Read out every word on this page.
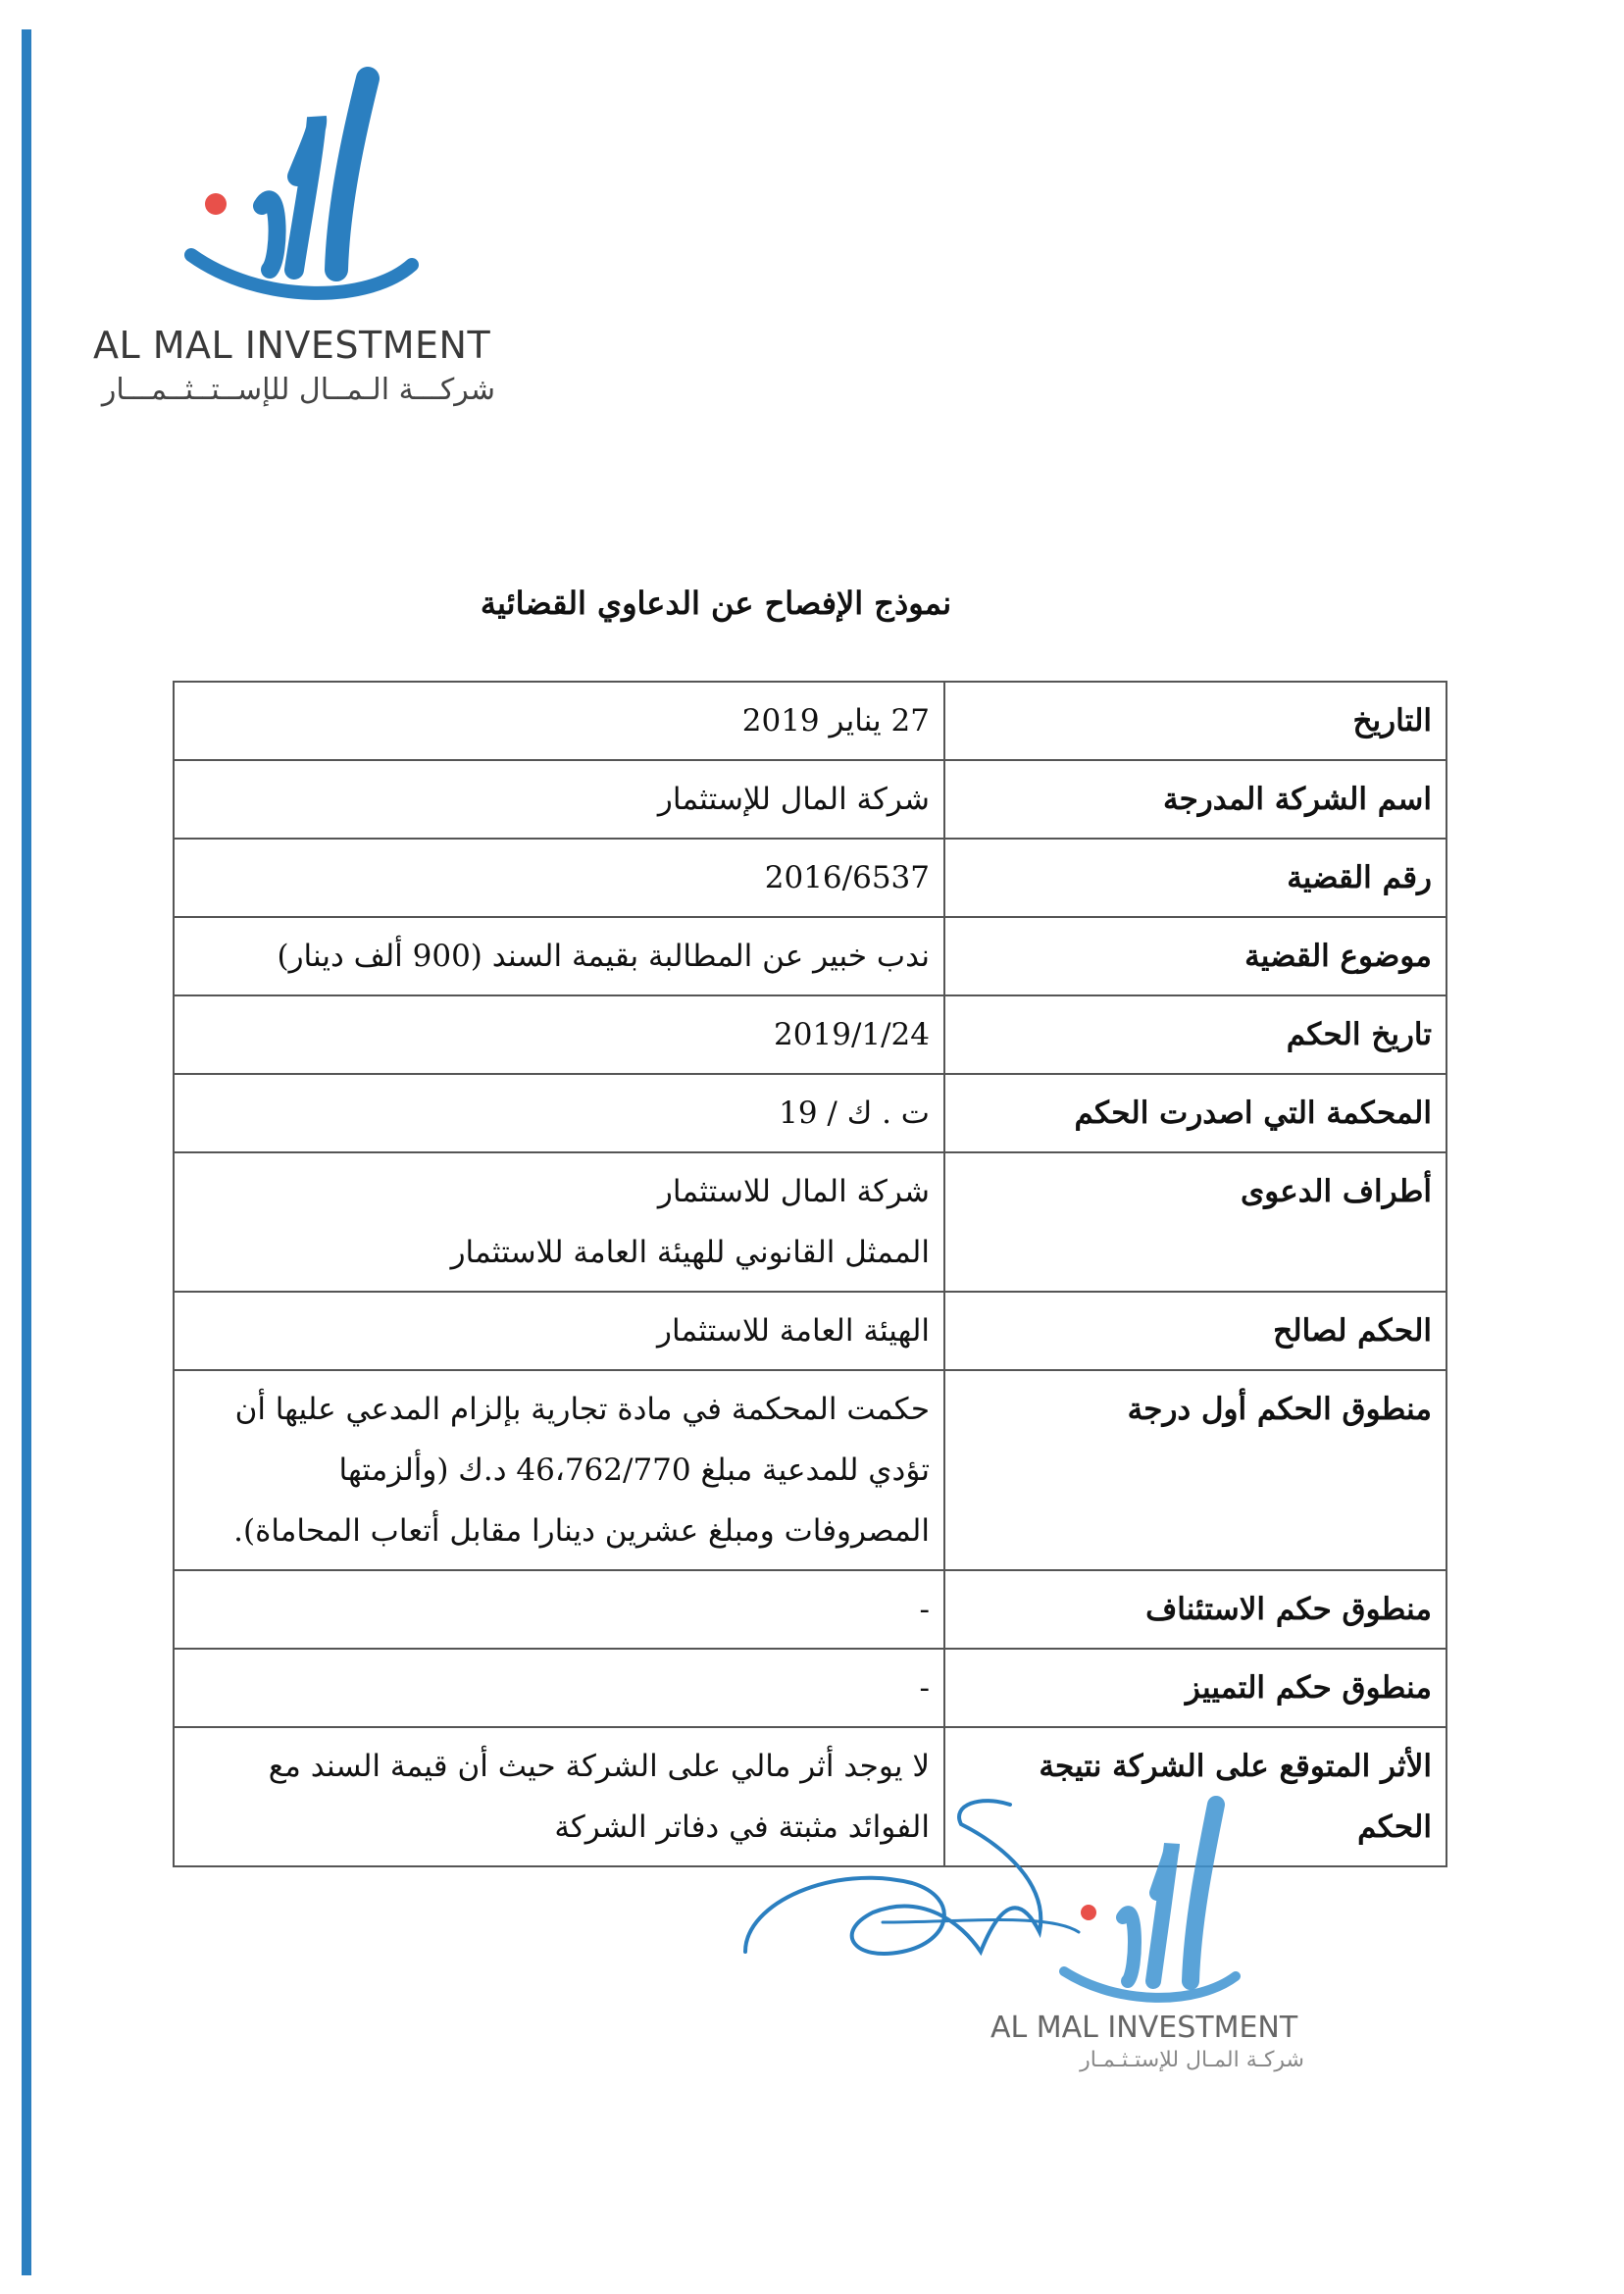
AL MAL INVESTMENT
شركـــة الـمــال للإســتــثــمـــار
نموذج الإفصاح عن الدعاوي القضائية
التاريخ	27 يناير 2019
اسم الشركة المدرجة	شركة المال للإستثمار
رقم القضية	2016/6537
موضوع القضية	ندب خبير عن المطالبة بقيمة السند (900 ألف دينار)
تاريخ الحكم	2019/1/24
المحكمة التي اصدرت الحكم	ت . ك / 19
أطراف الدعوى	شركة المال للاستثمار
الممثل القانوني للهيئة العامة للاستثمار

الحكم لصالح	الهيئة العامة للاستثمار
منطوق الحكم أول درجة	حكمت المحكمة في مادة تجارية بإلزام المدعي عليها أن تؤدي للمدعية مبلغ 46،762/770 د.ك (وألزمتها المصروفات ومبلغ عشرين دينارا مقابل أتعاب المحاماة).
منطوق حكم الاستئناف	-
منطوق حكم التمييز	-
الأثر المتوقع على الشركة نتيجة الحكم	لا يوجد أثر مالي على الشركة حيث أن قيمة السند مع الفوائد مثبتة في دفاتر الشركة
AL MAL INVESTMENT
شركـة المـال للإستـثـمـار
